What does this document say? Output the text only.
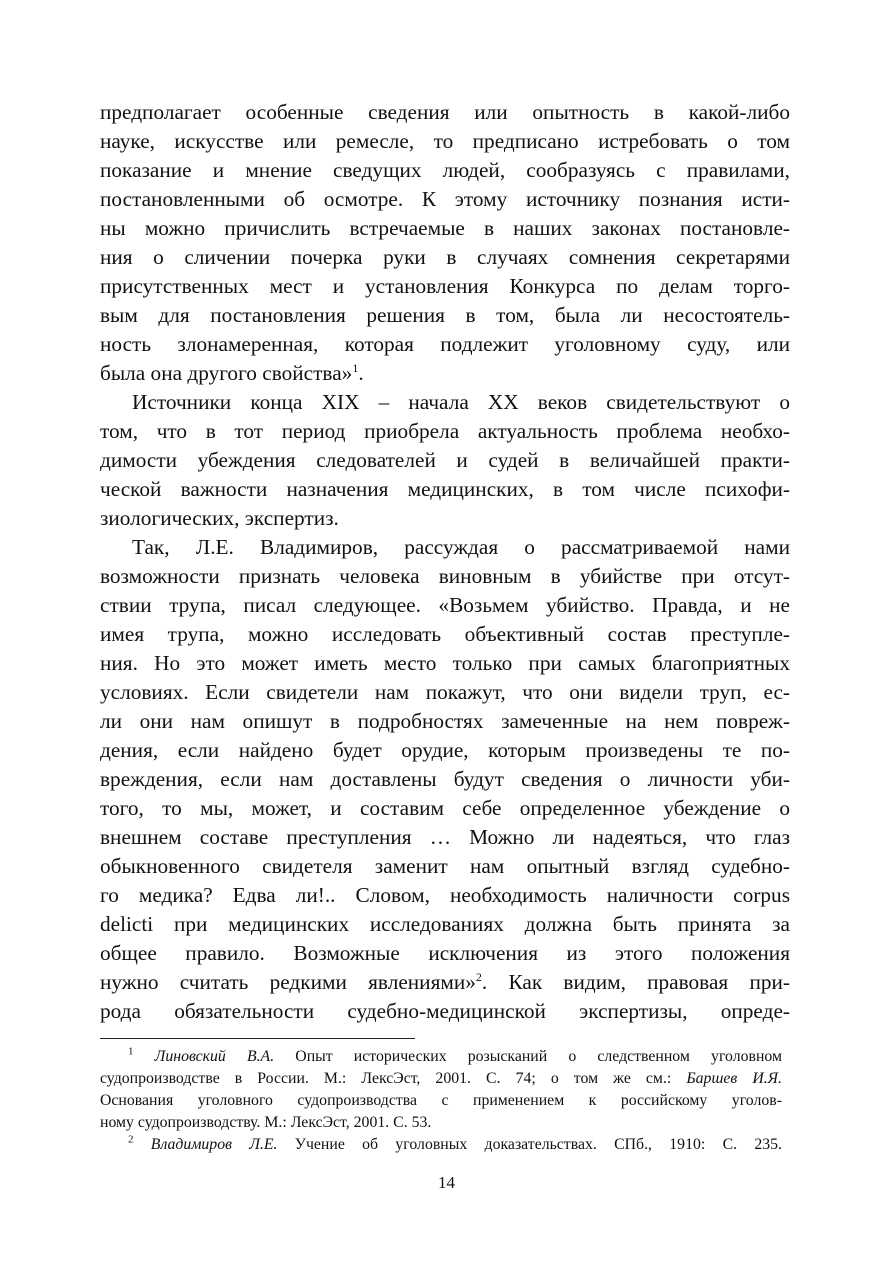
предполагает особенные сведения или опытность в какой-либо
науке, искусстве или ремесле, то предписано истребовать о том
показание и мнение сведущих людей, сообразуясь с правилами,
постановленными об осмотре. К этому источнику познания исти-
ны можно причислить встречаемые в наших законах постановле-
ния о сличении почерка руки в случаях сомнения секретарями
присутственных мест и установления Конкурса по делам торго-
вым для постановления решения в том, была ли несостоятель-
ность злонамеренная, которая подлежит уголовному суду, или
была она другого свойства»$^1$.
Источники конца XIX – начала XX веков свидетельствуют о
том, что в тот период приобрела актуальность проблема необхо-
димости убеждения следователей и судей в величайшей практи-
ческой важности назначения медицинских, в том числе психофи-
зиологических, экспертиз.
Так, Л.Е. Владимиров, рассуждая о рассматриваемой нами
возможности признать человека виновным в убийстве при отсут-
ствии трупа, писал следующее. «Возьмем убийство. Правда, и не
имея трупа, можно исследовать объективный состав преступле-
ния. Но это может иметь место только при самых благоприятных
условиях. Если свидетели нам покажут, что они видели труп, ес-
ли они нам опишут в подробностях замеченные на нем повреж-
дения, если найдено будет орудие, которым произведены те по-
вреждения, если нам доставлены будут сведения о личности уби-
того, то мы, может, и составим себе определенное убеждение о
внешнем составе преступления … Можно ли надеяться, что глаз
обыкновенного свидетеля заменит нам опытный взгляд судебно-
го медика? Едва ли!.. Словом, необходимость наличности corpus
delicti при медицинских исследованиях должна быть принята за
общее правило. Возможные исключения из этого положения
нужно считать редкими явлениями»$^2$. Как видим, правовая при-
рода обязательности судебно-медицинской экспертизы, опреде-
$^1$ Линовский В.А. Опыт исторических розысканий о следственном уголовном
судопроизводстве в России. М.: ЛексЭст, 2001. С. 74; о том же см.: Баршев И.Я.
Основания уголовного судопроизводства с применением к российскому уголов-
ному судопроизводству. М.: ЛексЭст, 2001. С. 53.
$^2$ Владимиров Л.Е. Учение об уголовных доказательствах. СПб., 1910: С. 235.
14
